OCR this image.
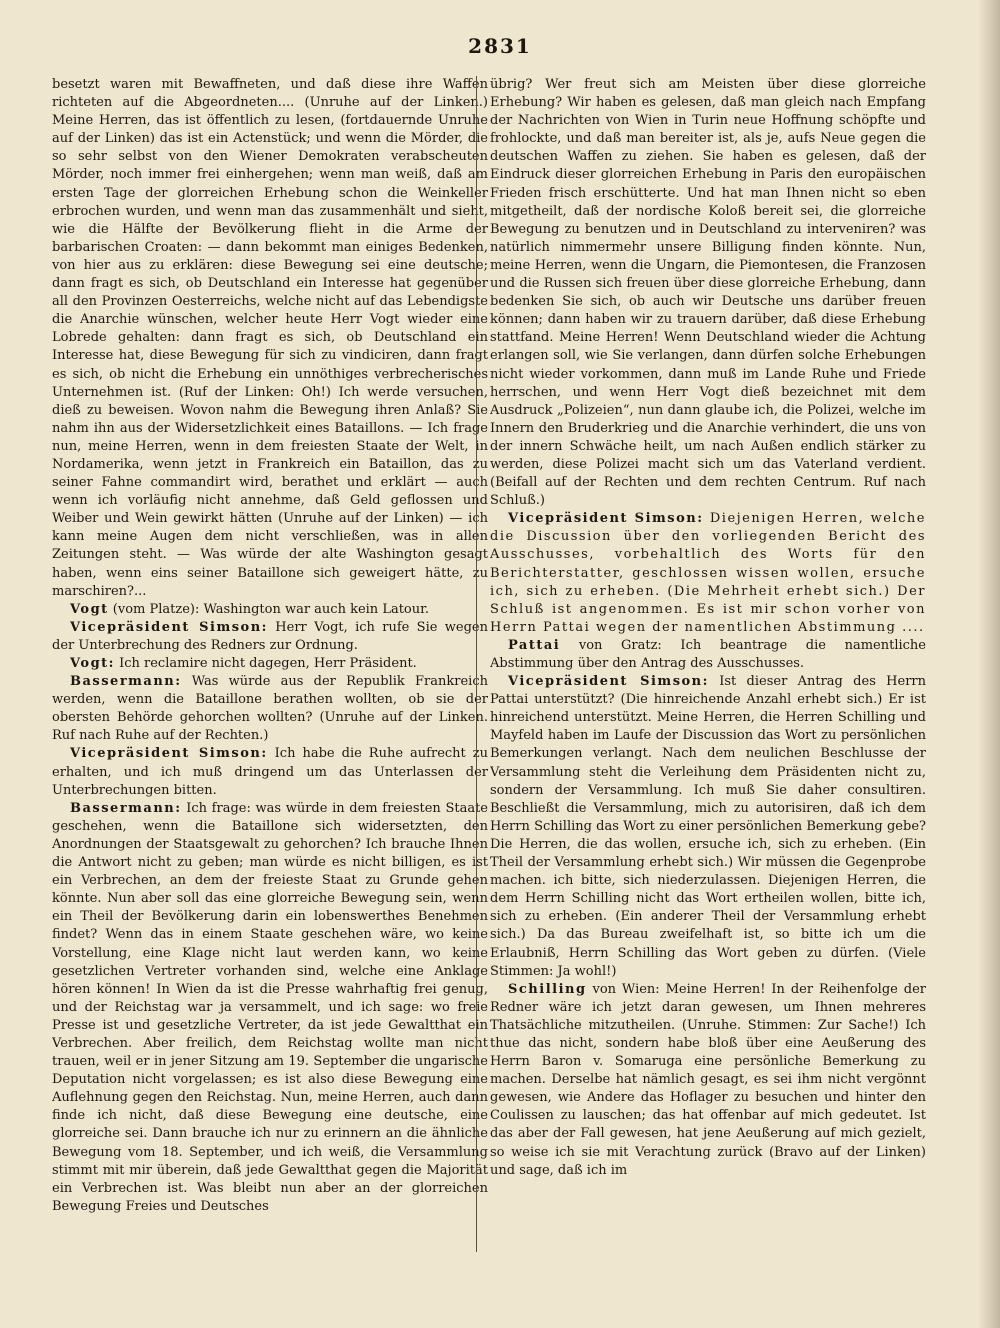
2831

besetzt waren mit Bewaffneten, und daß diese ihre Waffen richteten auf die Abgeordneten.... (Unruhe auf der Linken.) Meine Herren, das ist öffentlich zu lesen, (fortdauernde Unruhe auf der Linken) das ist ein Actenstück; und wenn die Mörder, die so sehr selbst von den Wiener Demokraten verabscheuten Mörder, noch immer frei einhergehen; wenn man weiß, daß am ersten Tage der glorreichen Erhebung schon die Weinkeller erbrochen wurden, und wenn man das zusammenhält und sieht, wie die Hälfte der Bevölkerung flieht in die Arme der barbarischen Croaten: — dann bekommt man einiges Bedenken, von hier aus zu erklären: diese Bewegung sei eine deutsche; dann fragt es sich, ob Deutschland ein Interesse hat gegenüber all den Provinzen Oesterreichs, welche nicht auf das Lebendigste die Anarchie wünschen, welcher heute Herr Vogt wieder eine Lobrede gehalten: dann fragt es sich, ob Deutschland ein Interesse hat, diese Bewegung für sich zu vindiciren, dann fragt es sich, ob nicht die Erhebung ein unnöthiges verbrecherisches Unternehmen ist. (Ruf der Linken: Oh!) Ich werde versuchen, dieß zu beweisen. Wovon nahm die Bewegung ihren Anlaß? Sie nahm ihn aus der Widersetzlichkeit eines Bataillons. — Ich frage nun, meine Herren, wenn in dem freiesten Staate der Welt, in Nordamerika, wenn jetzt in Frankreich ein Bataillon, das zu seiner Fahne commandirt wird, berathet und erklärt — auch wenn ich vorläufig nicht annehme, daß Geld geflossen und Weiber und Wein gewirkt hätten (Unruhe auf der Linken) — ich kann meine Augen dem nicht verschließen, was in allen Zeitungen steht. — Was würde der alte Washington gesagt haben, wenn eins seiner Bataillone sich geweigert hätte, zu marschiren?...

Vogt (vom Platze): Washington war auch kein Latour.

Vicepräsident Simson: Herr Vogt, ich rufe Sie wegen der Unterbrechung des Redners zur Ordnung.

Vogt: Ich reclamire nicht dagegen, Herr Präsident.

Bassermann: Was würde aus der Republik Frankreich werden, wenn die Bataillone berathen wollten, ob sie der obersten Behörde gehorchen wollten? (Unruhe auf der Linken. Ruf nach Ruhe auf der Rechten.)

Vicepräsident Simson: Ich habe die Ruhe aufrecht zu erhalten, und ich muß dringend um das Unterlassen der Unterbrechungen bitten.

Bassermann: Ich frage: was würde in dem freiesten Staate geschehen, wenn die Bataillone sich widersetzten, den Anordnungen der Staatsgewalt zu gehorchen? Ich brauche Ihnen die Antwort nicht zu geben; man würde es nicht billigen, es ist ein Verbrechen, an dem der freieste Staat zu Grunde gehen könnte. Nun aber soll das eine glorreiche Bewegung sein, wenn ein Theil der Bevölkerung darin ein lobenswerthes Benehmen findet? Wenn das in einem Staate geschehen wäre, wo keine Vorstellung, eine Klage nicht laut werden kann, wo keine gesetzlichen Vertreter vorhanden sind, welche eine Anklage hören können! In Wien da ist die Presse wahrhaftig frei genug, und der Reichstag war ja versammelt, und ich sage: wo freie Presse ist und gesetzliche Vertreter, da ist jede Gewaltthat ein Verbrechen. Aber freilich, dem Reichstag wollte man nicht trauen, weil er in jener Sitzung am 19. September die ungarische Deputation nicht vorgelassen; es ist also diese Bewegung eine Auflehnung gegen den Reichstag. Nun, meine Herren, auch dann finde ich nicht, daß diese Bewegung eine deutsche, eine glorreiche sei. Dann brauche ich nur zu erinnern an die ähnliche Bewegung vom 18. September, und ich weiß, die Versammlung stimmt mit mir überein, daß jede Gewaltthat gegen die Majorität ein Verbrechen ist. Was bleibt nun aber an der glorreichen Bewegung Freies und Deutsches

übrig? Wer freut sich am Meisten über diese glorreiche Erhebung? Wir haben es gelesen, daß man gleich nach Empfang der Nachrichten von Wien in Turin neue Hoffnung schöpfte und frohlockte, und daß man bereiter ist, als je, aufs Neue gegen die deutschen Waffen zu ziehen. Sie haben es gelesen, daß der Eindruck dieser glorreichen Erhebung in Paris den europäischen Frieden frisch erschütterte. Und hat man Ihnen nicht so eben mitgetheilt, daß der nordische Koloß bereit sei, die glorreiche Bewegung zu benutzen und in Deutschland zu interveniren? was natürlich nimmermehr unsere Billigung finden könnte. Nun, meine Herren, wenn die Ungarn, die Piemontesen, die Franzosen und die Russen sich freuen über diese glorreiche Erhebung, dann bedenken Sie sich, ob auch wir Deutsche uns darüber freuen können; dann haben wir zu trauern darüber, daß diese Erhebung stattfand. Meine Herren! Wenn Deutschland wieder die Achtung erlangen soll, wie Sie verlangen, dann dürfen solche Erhebungen nicht wieder vorkommen, dann muß im Lande Ruhe und Friede herrschen, und wenn Herr Vogt dieß bezeichnet mit dem Ausdruck „Polizeien“, nun dann glaube ich, die Polizei, welche im Innern den Bruderkrieg und die Anarchie verhindert, die uns von der innern Schwäche heilt, um nach Außen endlich stärker zu werden, diese Polizei macht sich um das Vaterland verdient. (Beifall auf der Rechten und dem rechten Centrum. Ruf nach Schluß.)

Vicepräsident Simson: Diejenigen Herren, welche die Discussion über den vorliegenden Bericht des Ausschusses, vorbehaltlich des Worts für den Berichterstatter, geschlossen wissen wollen, ersuche ich, sich zu erheben. (Die Mehrheit erhebt sich.) Der Schluß ist angenommen. Es ist mir schon vorher von Herrn Pattai wegen der namentlichen Abstimmung ....

Pattai von Gratz: Ich beantrage die namentliche Abstimmung über den Antrag des Ausschusses.

Vicepräsident Simson: Ist dieser Antrag des Herrn Pattai unterstützt? (Die hinreichende Anzahl erhebt sich.) Er ist hinreichend unterstützt. Meine Herren, die Herren Schilling und Mayfeld haben im Laufe der Discussion das Wort zu persönlichen Bemerkungen verlangt. Nach dem neulichen Beschlusse der Versammlung steht die Verleihung dem Präsidenten nicht zu, sondern der Versammlung. Ich muß Sie daher consultiren. Beschließt die Versammlung, mich zu autorisiren, daß ich dem Herrn Schilling das Wort zu einer persönlichen Bemerkung gebe? Die Herren, die das wollen, ersuche ich, sich zu erheben. (Ein Theil der Versammlung erhebt sich.) Wir müssen die Gegenprobe machen. ich bitte, sich niederzulassen. Diejenigen Herren, die dem Herrn Schilling nicht das Wort ertheilen wollen, bitte ich, sich zu erheben. (Ein anderer Theil der Versammlung erhebt sich.) Da das Bureau zweifelhaft ist, so bitte ich um die Erlaubniß, Herrn Schilling das Wort geben zu dürfen. (Viele Stimmen: Ja wohl!)

Schilling von Wien: Meine Herren! In der Reihenfolge der Redner wäre ich jetzt daran gewesen, um Ihnen mehreres Thatsächliche mitzutheilen. (Unruhe. Stimmen: Zur Sache!) Ich thue das nicht, sondern habe bloß über eine Aeußerung des Herrn Baron v. Somaruga eine persönliche Bemerkung zu machen. Derselbe hat nämlich gesagt, es sei ihm nicht vergönnt gewesen, wie Andere das Hoflager zu besuchen und hinter den Coulissen zu lauschen; das hat offenbar auf mich gedeutet. Ist das aber der Fall gewesen, hat jene Aeußerung auf mich gezielt, so weise ich sie mit Verachtung zurück (Bravo auf der Linken) und sage, daß ich im
